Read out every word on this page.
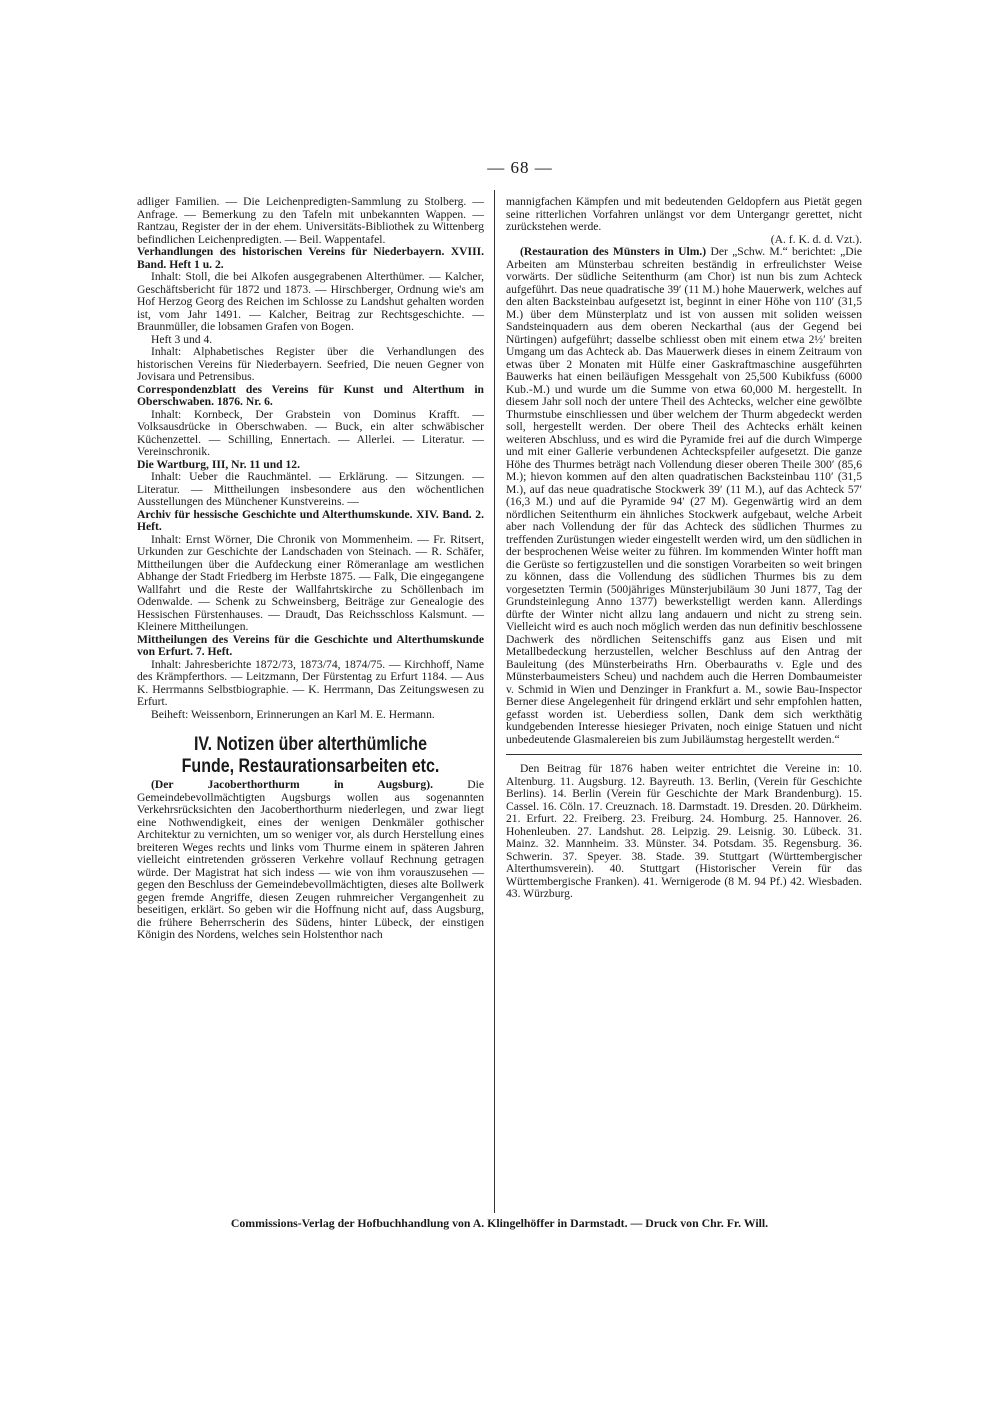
— 68 —

adliger Familien. — Die Leichenpredigten-Sammlung zu Stolberg. — Anfrage. — Bemerkung zu den Tafeln mit unbekannten Wappen. — Rantzau, Register der in der ehem. Universitäts-Bibliothek zu Wittenberg befindlichen Leichenpredigten. — Beil. Wappentafel.

Verhandlungen des historischen Vereins für Niederbayern. XVIII. Band. Heft 1 u. 2.

Inhalt: Stoll, die bei Alkofen ausgegrabenen Alterthümer. — Kalcher, Geschäftsbericht für 1872 und 1873. — Hirschberger, Ordnung wie's am Hof Herzog Georg des Reichen im Schlosse zu Landshut gehalten worden ist, vom Jahr 1491. — Kalcher, Beitrag zur Rechtsgeschichte. — Braunmüller, die lobsamen Grafen von Bogen.

Heft 3 und 4.

Inhalt: Alphabetisches Register über die Verhandlungen des historischen Vereins für Niederbayern. Seefried, Die neuen Gegner von Jovisara und Petrensibus.

Correspondenzblatt des Vereins für Kunst und Alterthum in Oberschwaben. 1876. Nr. 6.

Inhalt: Kornbeck, Der Grabstein von Dominus Krafft. — Volksausdrücke in Oberschwaben. — Buck, ein alter schwäbischer Küchenzettel. — Schilling, Ennertach. — Allerlei. — Literatur. — Vereinschronik.

Die Wartburg, III, Nr. 11 und 12.

Inhalt: Ueber die Rauchmäntel. — Erklärung. — Sitzungen. — Literatur. — Mittheilungen insbesondere aus den wöchentlichen Ausstellungen des Münchener Kunstvereins. —

Archiv für hessische Geschichte und Alterthumskunde. XIV. Band. 2. Heft.

Inhalt: Ernst Wörner, Die Chronik von Mommenheim. — Fr. Ritsert, Urkunden zur Geschichte der Landschaden von Steinach. — R. Schäfer, Mittheilungen über die Aufdeckung einer Römeranlage am westlichen Abhange der Stadt Friedberg im Herbste 1875. — Falk, Die eingegangene Wallfahrt und die Reste der Wallfahrtskirche zu Schöllenbach im Odenwalde. — Schenk zu Schweinsberg, Beiträge zur Genealogie des Hessischen Fürstenhauses. — Draudt, Das Reichsschloss Kalsmunt. — Kleinere Mittheilungen.

Mittheilungen des Vereins für die Geschichte und Alterthumskunde von Erfurt. 7. Heft.

Inhalt: Jahresberichte 1872/73, 1873/74, 1874/75. — Kirchhoff, Name des Krämpferthors. — Leitzmann, Der Fürstentag zu Erfurt 1184. — Aus K. Herrmanns Selbstbiographie. — K. Herrmann, Das Zeitungswesen zu Erfurt.

Beiheft: Weissenborn, Erinnerungen an Karl M. E. Hermann.

IV. Notizen über alterthümliche Funde, Restaurationsarbeiten etc.

(Der Jacoberthorthurm in Augsburg).	Die Gemeindebevollmächtigten Augsburgs wollen aus sogenannten Verkehrsrücksichten den Jacoberthorthurm niederlegen, und zwar liegt eine Nothwendigkeit, eines der wenigen Denkmäler gothischer Architektur zu vernichten, um so weniger vor, als durch Herstellung eines breiteren Weges rechts und links vom Thurme einem in späteren Jahren vielleicht eintretenden grösseren Verkehre vollauf Rechnung getragen würde. Der Magistrat hat sich indess — wie von ihm vorauszusehen — gegen den Beschluss der Gemeindebevollmächtigten, dieses alte Bollwerk gegen fremde Angriffe, diesen Zeugen ruhmreicher Vergangenheit zu beseitigen, erklärt. So geben wir die Hoffnung nicht auf, dass Augsburg, die frühere Beherrscherin des Südens, hinter Lübeck, der einstigen Königin des Nordens, welches sein Holstenthor nach

mannigfachen Kämpfen und mit bedeutenden Geldopfern aus Pietät gegen seine ritterlichen Vorfahren unlängst vor dem Untergangr gerettet, nicht zurückstehen werde.

(A. f. K. d. d. Vzt.).

(Restauration des Münsters in Ulm.) Der „Schw. M.“ berichtet: „Die Arbeiten am Münsterbau schreiten beständig in erfreulichster Weise vorwärts. Der südliche Seitenthurm (am Chor) ist nun bis zum Achteck aufgeführt. Das neue quadratische 39′ (11 M.) hohe Mauerwerk, welches auf den alten Backsteinbau aufgesetzt ist, beginnt in einer Höhe von 110′ (31,5 M.) über dem Münsterplatz und ist von aussen mit soliden weissen Sandsteinquadern aus dem oberen Neckarthal (aus der Gegend bei Nürtingen) aufgeführt; dasselbe schliesst oben mit einem etwa 2½′ breiten Umgang um das Achteck ab. Das Mauerwerk dieses in einem Zeitraum von etwas über 2 Monaten mit Hülfe einer Gaskraftmaschine ausgeführten Bauwerks hat einen beiläufigen Messgehalt von 25,500 Kubikfuss (6000 Kub.-M.) und wurde um die Summe von etwa 60,000 M. hergestellt. In diesem Jahr soll noch der untere Theil des Achtecks, welcher eine gewölbte Thurmstube einschliessen und über welchem der Thurm abgedeckt werden soll, hergestellt werden. Der obere Theil des Achtecks erhält keinen weiteren Abschluss, und es wird die Pyramide frei auf die durch Wimperge und mit einer Gallerie verbundenen Achteckspfeiler aufgesetzt. Die ganze Höhe des Thurmes beträgt nach Vollendung dieser oberen Theile 300′ (85,6 M.); hievon kommen auf den alten quadratischen Backsteinbau 110′ (31,5 M.), auf das neue quadratische Stockwerk 39′ (11 M.), auf das Achteck 57′ (16,3 M.) und auf die Pyramide 94′ (27 M). Gegenwärtig wird an dem nördlichen Seitenthurm ein ähnliches Stockwerk aufgebaut, welche Arbeit aber nach Vollendung der für das Achteck des südlichen Thurmes zu treffenden Zurüstungen wieder eingestellt werden wird, um den südlichen in der besprochenen Weise weiter zu führen. Im kommenden Winter hofft man die Gerüste so fertigzustellen und die sonstigen Vorarbeiten so weit bringen zu können, dass die Vollendung des südlichen Thurmes bis zu dem vorgesetzten Termin (500jähriges Münsterjubiläum 30 Juni 1877, Tag der Grundsteinlegung Anno 1377) bewerkstelligt werden kann. Allerdings dürfte der Winter nicht allzu lang andauern und nicht zu streng sein. Vielleicht wird es auch noch möglich werden das nun definitiv beschlossene Dachwerk des nördlichen Seitenschiffs ganz aus Eisen und mit Metallbedeckung herzustellen, welcher Beschluss auf den Antrag der Bauleitung (des Münsterbeiraths Hrn. Oberbauraths v. Egle und des Münsterbaumeisters Scheu) und nachdem auch die Herren Dombaumeister v. Schmid in Wien und Denzinger in Frankfurt a. M., sowie Bau-Inspector Berner diese Angelegenheit für dringend erklärt und sehr empfohlen hatten, gefasst worden ist. Ueberdiess sollen, Dank dem sich werkthätig kundgebenden Interesse hiesieger Privaten, noch einige Statuen und nicht unbedeutende Glasmalereien bis zum Jubiläumstag hergestellt werden.“

Den Beitrag für 1876 haben weiter entrichtet die Vereine in: 10. Altenburg. 11. Augsburg. 12. Bayreuth. 13. Berlin, (Verein für Geschichte Berlins). 14. Berlin (Verein für Geschichte der Mark Brandenburg). 15. Cassel. 16. Cöln. 17. Creuznach. 18. Darmstadt. 19. Dresden. 20. Dürkheim. 21. Erfurt. 22. Freiberg. 23. Freiburg. 24. Homburg. 25. Hannover. 26. Hohenleuben. 27. Landshut. 28. Leipzig. 29. Leisnig. 30. Lübeck. 31. Mainz. 32. Mannheim. 33. Münster. 34. Potsdam. 35. Regensburg. 36. Schwerin. 37. Speyer. 38. Stade. 39. Stuttgart (Württembergischer Alterthumsverein). 40. Stuttgart (Historischer Verein für das Württembergische Franken). 41. Wernigerode (8 M. 94 Pf.) 42. Wiesbaden. 43. Würzburg.

Commissions-Verlag der Hofbuchhandlung von A. Klingelhöffer in Darmstadt. — Druck von Chr. Fr. Will.
